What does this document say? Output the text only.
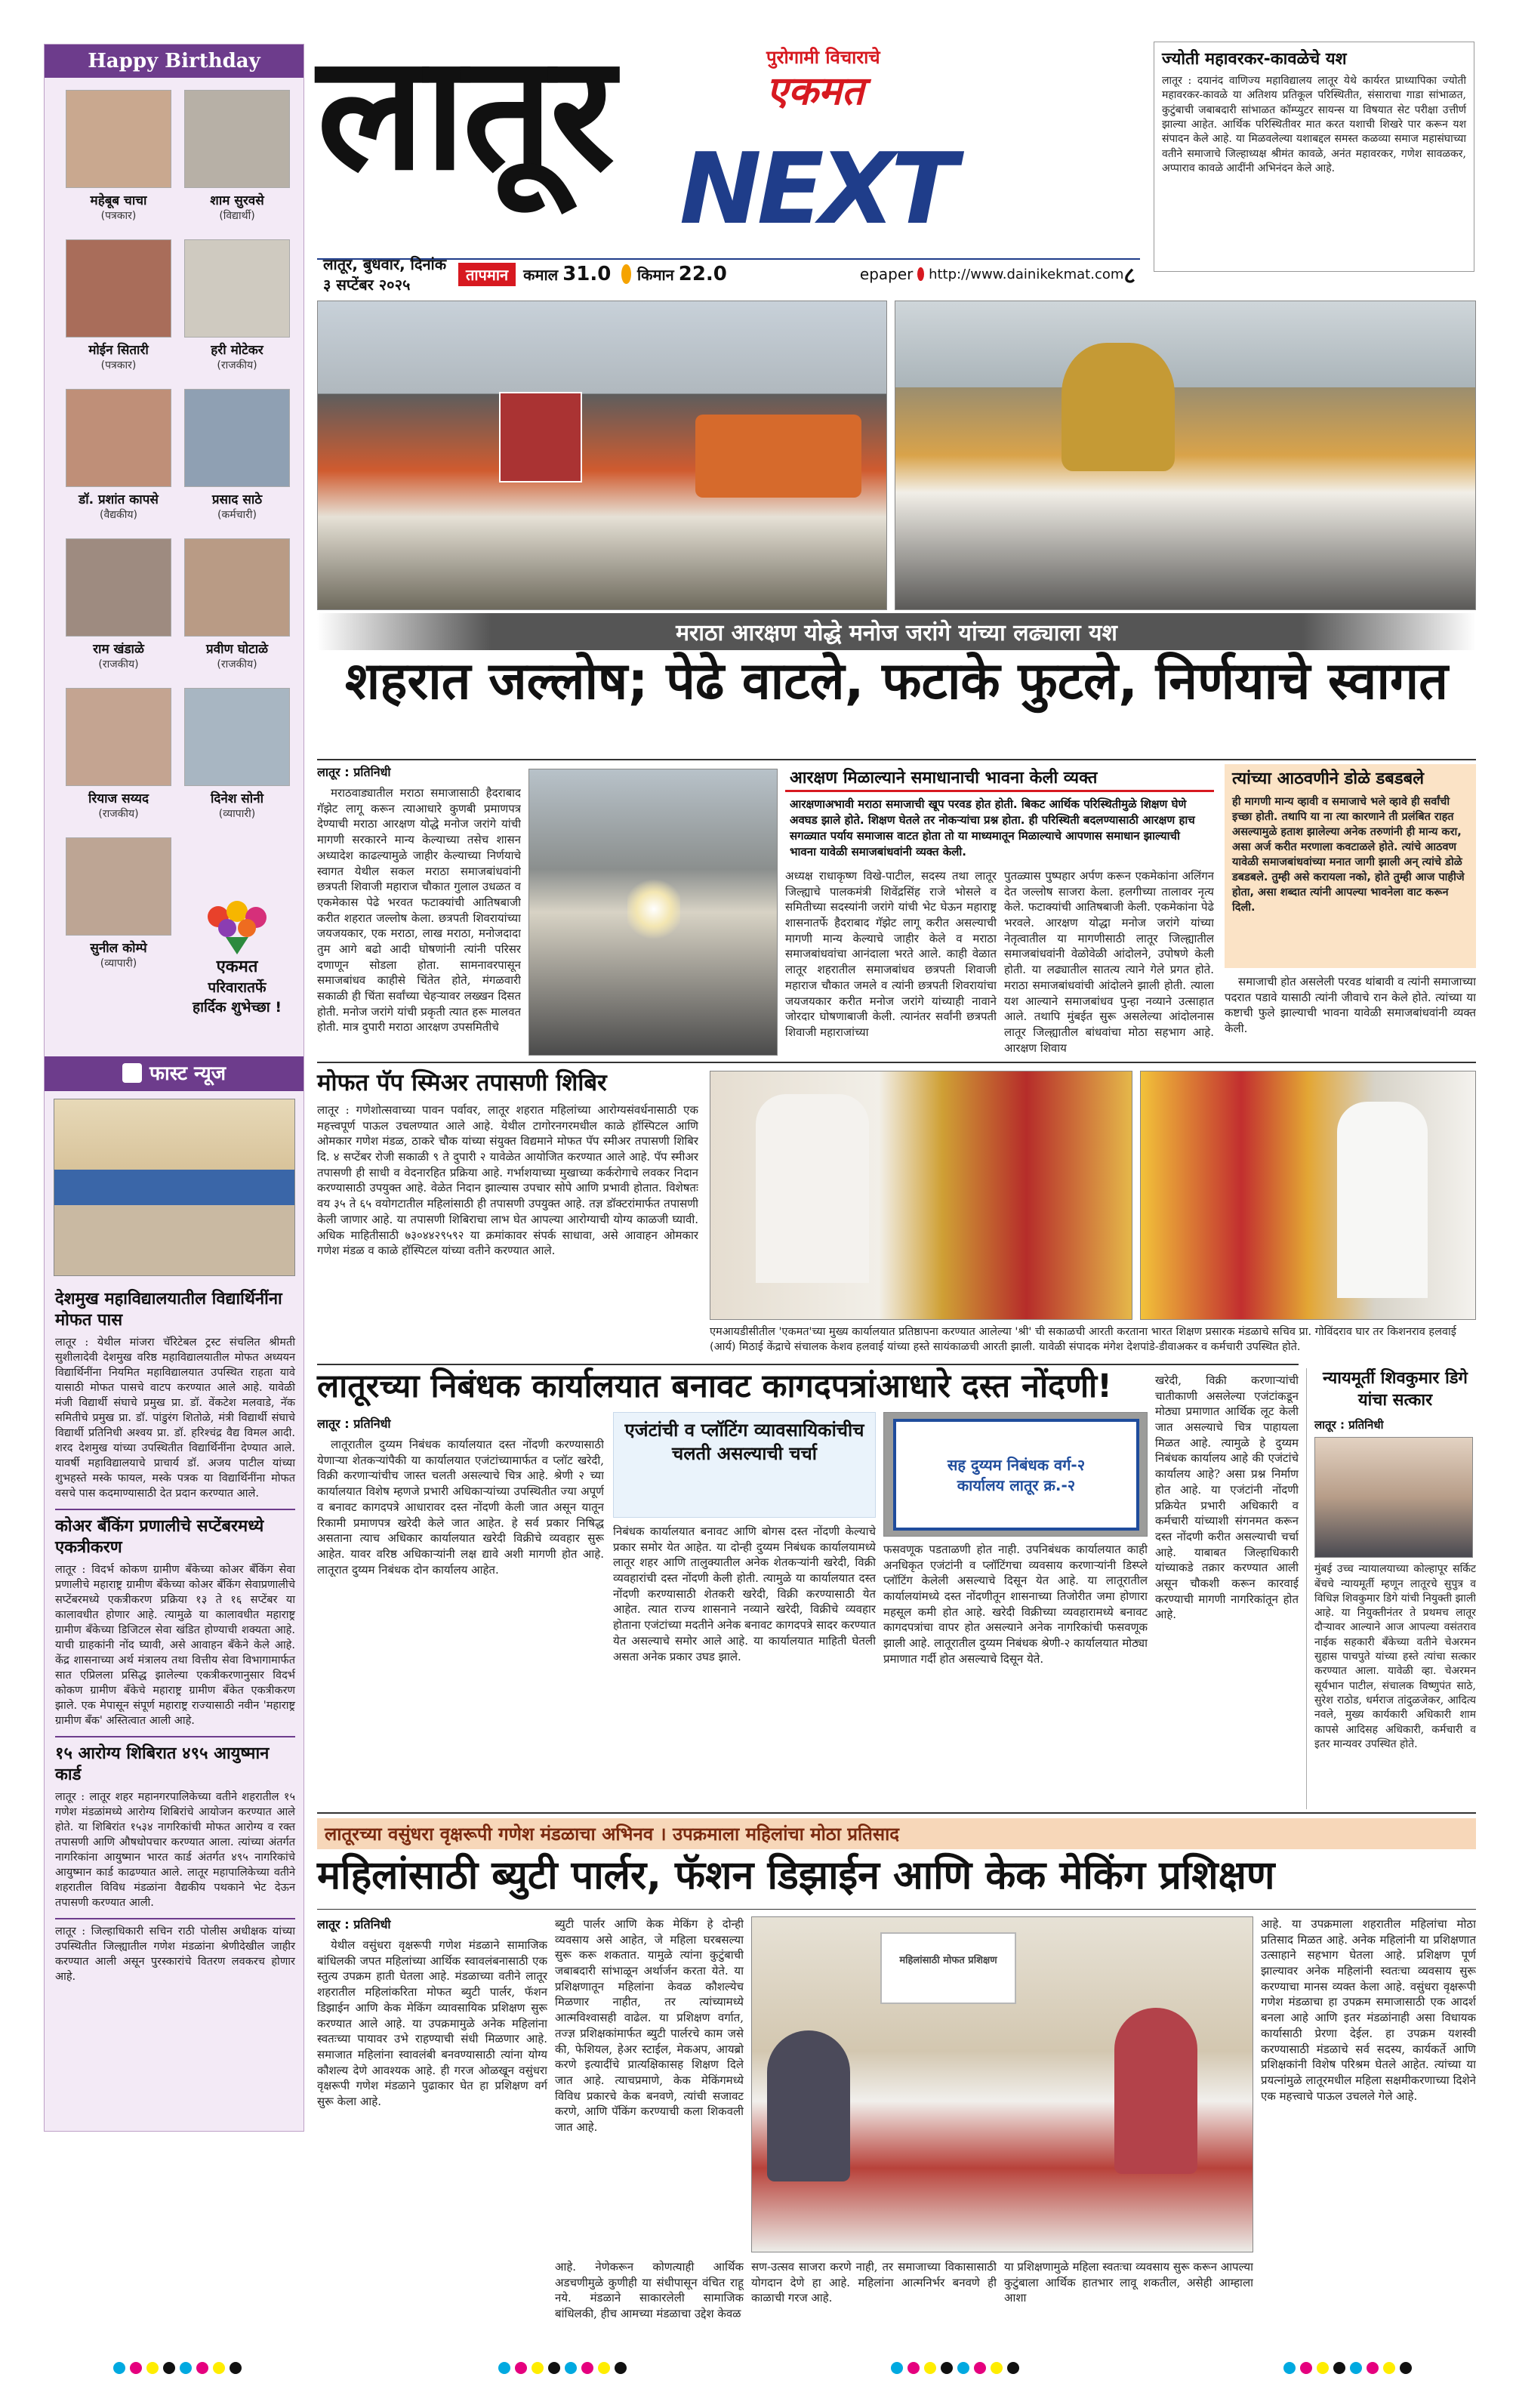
Happy Birthday
महेबूब चाचा
(पत्रकार)
शाम सुरवसे
(विद्यार्थी)
मोईन सितारी
(पत्रकार)
हरी मोटेकर
(राजकीय)
डॉ. प्रशांत कापसे
(वैद्यकीय)
प्रसाद साठे
(कर्मचारी)
राम खंडाळे
(राजकीय)
प्रवीण घोटाळे
(राजकीय)
रियाज सय्यद
(राजकीय)
दिनेश सोनी
(व्यापारी)
सुनील कोम्पे
(व्यापारी)	एकमत
परिवारातर्फे
हार्दिक शुभेच्छा !
फास्ट न्यूज
देशमुख महाविद्यालयातील विद्यार्थिनींना मोफत पास
लातूर : येथील मांजरा चॅरिटेबल ट्रस्ट संचलित श्रीमती सुशीलादेवी देशमुख वरिष्ठ महाविद्यालयातील मोफत अध्ययन विद्यार्थिनींना नियमित महाविद्यालयात उपस्थित राहता यावे यासाठी मोफत पासचे वाटप करण्यात आले आहे. यावेळी मंजी विद्यार्थी संघाचे प्रमुख प्रा. डॉ. वेंकटेश मलवाडे, नॅक समितीचे प्रमुख प्रा. डॉ. पांडुरंग शितोळे, मंत्री विद्यार्थी संघाचे विद्यार्थी प्रतिनिधी अश्वय प्रा. डॉ. हरिश्चंद्र वैद्य विमल आदी. शरद देशमुख यांच्या उपस्थितीत विद्यार्थिनींना देण्यात आले. यावर्षी महाविद्यालयाचे प्राचार्य डॉ. अजय पाटील यांच्या शुभहस्ते मस्के फायल, मस्के पत्रक या विद्यार्थिनींना मोफत वसचे पास कदमाण्यासाठी देत प्रदान करण्यात आले.
कोअर बँकिंग प्रणालीचे सप्टेंबरमध्ये एकत्रीकरण
लातूर : विदर्भ कोकण ग्रामीण बँकेच्या कोअर बँकिंग सेवा प्रणालीचे महाराष्ट्र ग्रामीण बँकेच्या कोअर बँकिंग सेवाप्रणालीचे सप्टेंबरमध्ये एकत्रीकरण प्रक्रिया १३ ते १६ सप्टेंबर या कालावधीत होणार आहे. त्यामुळे या कालावधीत महाराष्ट्र ग्रामीण बँकेच्या डिजिटल सेवा खंडित होण्याची शक्यता आहे. याची ग्राहकांनी नोंद घ्यावी, असे आवाहन बँकेने केले आहे. केंद्र शासनाच्या अर्थ मंत्रालय तथा वित्तीय सेवा विभागामार्फत सात एप्रिलला प्रसिद्ध झालेल्या एकत्रीकरणानुसार विदर्भ कोकण ग्रामीण बँकेचे महाराष्ट्र ग्रामीण बँकेत एकत्रीकरण झाले. एक मेपासून संपूर्ण महाराष्ट्र राज्यासाठी नवीन 'महाराष्ट्र ग्रामीण बँक' अस्तित्वात आली आहे.
१५ आरोग्य शिबिरात ४९५ आयुष्मान कार्ड
लातूर : लातूर शहर महानगरपालिकेच्या वतीने शहरातील १५ गणेश मंडळांमध्ये आरोग्य शिबिरांचे आयोजन करण्यात आले होते. या शिबिरांत १५३४ नागरिकांची मोफत आरोग्य व रक्त तपासणी आणि औषधोपचार करण्यात आला. त्यांच्या अंतर्गत नागरिकांना आयुष्मान भारत कार्ड अंतर्गत ४९५ नागरिकांचे आयुष्मान कार्ड काढण्यात आले. लातूर महापालिकेच्या वतीने शहरातील विविध मंडळांना वैद्यकीय पथकाने भेट देऊन तपासणी करण्यात आली.
लातूर : जिल्हाधिकारी सचिन राठी पोलीस अधीक्षक यांच्या उपस्थितीत जिल्ह्यातील गणेश मंडळांना श्रेणीदेखील जाहीर करण्यात आली असून पुरस्कारांचे वितरण लवकरच होणार आहे.
लातूर	पुरोगामी विचाराचे
एकमत
NEXT
लातूर, बुधवार, दिनांक ३ सप्टेंबर २०२५
तापमान	कमाल 31.0 किमान 22.0	epaper http://www.dainikekmat.com ८
ज्योती महावरकर-कावळेचे यश
लातूर : दयानंद वाणिज्य महाविद्यालय लातूर येथे कार्यरत प्राध्यापिका ज्योती महावरकर-कावळे या अतिशय प्रतिकूल परिस्थितीत, संसाराचा गाडा सांभाळत, कुटुंबाची जबाबदारी सांभाळत कॉम्प्युटर सायन्स या विषयात सेट परीक्षा उत्तीर्ण झाल्या आहेत. आर्थिक परिस्थितीवर मात करत यशाची शिखरे पार करून यश संपादन केले आहे. या मिळवलेल्या यशाबद्दल समस्त कळव्या समाज महासंघाच्या वतीने समाजाचे जिल्हाध्यक्ष श्रीमंत कावळे, अनंत महावरकर, गणेश सावळकर, अप्पाराव कावळे आदींनी अभिनंदन केले आहे.
मराठा आरक्षण योद्धे मनोज जरांगे यांच्या लढ्याला यश
शहरात जल्लोष; पेढे वाटले, फटाके फुटले, निर्णयाचे स्वागत

लातूर : प्रतिनिधी

मराठवाड्यातील मराठा समाजासाठी हैदराबाद गॅझेट लागू करून त्याआधारे कुणबी प्रमाणपत्र देण्याची मराठा आरक्षण योद्धे मनोज जरांगे यांची मागणी सरकारने मान्य केल्याच्या तसेच शासन अध्यादेश काढल्यामुळे जाहीर केल्याच्या निर्णयाचे स्वागत येथील सकल मराठा समाजबांधवांनी छत्रपती शिवाजी महाराज चौकात गुलाल उधळत व एकमेकास पेढे भरवत फटाक्यांची आतिषबाजी करीत शहरात जल्लोष केला. छत्रपती शिवरायांच्या जयजयकार, एक मराठा, लाख मराठा, मनोजदादा तुम आगे बढो आदी घोषणांनी त्यांनी परिसर दणाणून सोडला होता. सामनावरपासून समाजबांधव काहीसे चिंतेत होते, मंगळवारी सकाळी ही चिंता सर्वांच्या चेहऱ्यावर लख्खन दिसत होती. मनोज जरांगे यांची प्रकृती त्यात हरू मालवत होती. मात्र दुपारी मराठा आरक्षण उपसमितीचे

आरक्षण मिळाल्याने समाधानाची भावना केली व्यक्त
आरक्षणाअभावी मराठा समाजाची खूप परवड होत होती. बिकट आर्थिक परिस्थितीमुळे शिक्षण घेणे अवघड झाले होते. शिक्षण घेतले तर नोकऱ्यांचा प्रश्न होता. ही परिस्थिती बदलण्यासाठी आरक्षण हाच सगळ्यात पर्याय समाजास वाटत होता तो या माध्यमातून मिळाल्याचे आपणास समाधान झाल्याची भावना यावेळी समाजबांधवांनी व्यक्त केली.

अध्यक्ष राधाकृष्ण विखे-पाटील, सदस्य तथा लातूर जिल्ह्याचे पालकमंत्री शिवेंद्रसिंह राजे भोसले व समितीच्या सदस्यांनी जरांगे यांची भेट घेऊन महाराष्ट्र शासनातर्फे हैदराबाद गॅझेट लागू करीत असल्याची मागणी मान्य केल्याचे जाहीर केले व मराठा समाजबांधवांचा आनंदाला भरते आले. काही वेळात लातूर शहरातील समाजबांधव छत्रपती शिवाजी महाराज चौकात जमले व त्यांनी छत्रपती शिवरायांचा जयजयकार करीत मनोज जरांगे यांच्याही नावाने जोरदार घोषणाबाजी केली. त्यानंतर सर्वांनी छत्रपती शिवाजी महाराजांच्या

पुतळ्यास पुष्पहार अर्पण करून एकमेकांना अलिंगन देत जल्लोष साजरा केला. हलगीच्या तालावर नृत्य केले. फटाक्यांची आतिषबाजी केली. एकमेकांना पेढे भरवले. आरक्षण योद्धा मनोज जरांगे यांच्या नेतृत्वातील या मागणीसाठी लातूर जिल्ह्यातील समाजबांधवांनी वेळोवेळी आंदोलने, उपोषणे केली होती. या लढ्यातील सातत्य त्याने गेले प्रगत होते. मराठा समाजबांधवांची आंदोलने झाली होती. त्याला यश आल्याने समाजबांधव पुन्हा नव्याने उत्साहात आले. तथापि मुंबईत सुरू असलेल्या आंदोलनास लातूर जिल्ह्यातील बांधवांचा मोठा सहभाग आहे. आरक्षण शिवाय

त्यांच्या आठवणीने डोळे डबडबले
ही मागणी मान्य व्हावी व समाजाचे भले व्हावे ही सर्वांची इच्छा होती. तथापि या ना त्या कारणाने ती प्रलंबित राहत असल्यामुळे हताश झालेल्या अनेक तरुणांनी ही मान्य करा, असा अर्ज करीत मरणाला कवटाळले होते. त्यांचे आठवण यावेळी समाजबांधवांच्या मनात जागी झाली अन् त्यांचे डोळे डबडबले. तुम्ही असे करायला नको, होते तुम्ही आज पाहीजे होता, असा शब्दात त्यांनी आपल्या भावनेला वाट करून दिली.

समाजाची होत असलेली परवड थांबावी व त्यांनी समाजाच्या पदरात पडावे यासाठी त्यांनी जीवाचे रान केले होते. त्यांच्या या कष्टाची फुले झाल्याची भावना यावेळी समाजबांधवांनी व्यक्त केली.

मोफत पॅप स्मिअर तपासणी शिबिर

लातूर : गणेशोत्सवाच्या पावन पर्वावर, लातूर शहरात महिलांच्या आरोग्यसंवर्धनासाठी एक महत्त्वपूर्ण पाऊल उचलण्यात आले आहे. येथील टागोरनगरमधील काळे हॉस्पिटल आणि ओमकार गणेश मंडळ, ठाकरे चौक यांच्या संयुक्त विद्यमाने मोफत पॅप स्मीअर तपासणी शिबिर दि. ४ सप्टेंबर रोजी सकाळी ९ ते दुपारी २ यावेळेत आयोजित करण्यात आले आहे. पॅप स्मीअर तपासणी ही साधी व वेदनारहित प्रक्रिया आहे. गर्भाशयाच्या मुखाच्या कर्करोगाचे लवकर निदान करण्यासाठी उपयुक्त आहे. वेळेत निदान झाल्यास उपचार सोपे आणि प्रभावी होतात. विशेषतः वय ३५ ते ६५ वयोगटातील महिलांसाठी ही तपासणी उपयुक्त आहे. तज्ञ डॉक्टरांमार्फत तपासणी केली जाणार आहे. या तपासणी शिबिराचा लाभ घेत आपल्या आरोग्याची योग्य काळजी घ्यावी. अधिक माहितीसाठी ७३०४४२९५९२ या क्रमांकावर संपर्क साधावा, असे आवाहन ओमकार गणेश मंडळ व काळे हॉस्पिटल यांच्या वतीने करण्यात आले.

एमआयडीसीतील 'एकमत'च्या मुख्य कार्यालयात प्रतिष्ठापना करण्यात आलेल्या 'श्री' ची सकाळची आरती करताना भारत शिक्षण प्रसारक मंडळाचे सचिव प्रा. गोविंदराव घार तर किशनराव हलवाई (आर्य) मिठाई केंद्राचे संचालक केशव हलवाई यांच्या हस्ते सायंकाळची आरती झाली. यावेळी संपादक मंगेश देशपांडे-डीवाअकर व कर्मचारी उपस्थित होते.
लातूरच्या निबंधक कार्यालयात बनावट कागदपत्रांआधारे दस्त नोंदणी!

लातूर : प्रतिनिधी

लातूरातील दुय्यम निबंधक कार्यालयात दस्त नोंदणी करण्यासाठी येणाऱ्या शेतकऱ्यांपैकी या कार्यालयात एजंटांच्यामार्फत व प्लॉट खरेदी, विक्री करणाऱ्यांचीच जास्त चलती असल्याचे चित्र आहे. श्रेणी २ च्या कार्यालयात विशेष म्हणजे प्रभारी अधिकाऱ्यांच्या उपस्थितीत ज्या अपूर्ण व बनावट कागदपत्रे आधारावर दस्त नोंदणी केली जात असून यातून रिकामी प्रमाणपत्र खरेदी केले जात आहेत. हे सर्व प्रकार निषिद्ध असताना त्याच अधिकार कार्यालयात खरेदी विक्रीचे व्यवहार सुरू आहेत. यावर वरिष्ठ अधिकाऱ्यांनी लक्ष द्यावे अशी मागणी होत आहे. लातूरात दुय्यम निबंधक दोन कार्यालय आहेत.

एजंटांची व प्लॉटिंग व्यावसायिकांचीच चलती असल्याची चर्चा

निबंधक कार्यालयात बनावट आणि बोगस दस्त नोंदणी केल्याचे प्रकार समोर येत आहेत. या दोन्ही दुय्यम निबंधक कार्यालयामध्ये लातूर शहर आणि तालुक्यातील अनेक शेतकऱ्यांनी खरेदी, विक्री व्यवहारांची दस्त नोंदणी केली होती. त्यामुळे या कार्यालयात दस्त नोंदणी करण्यासाठी शेतकरी खरेदी, विक्री करण्यासाठी येत आहेत. त्यात राज्य शासनाने नव्याने खरेदी, विक्रीचे व्यवहार होताना एजंटांच्या मदतीने अनेक बनावट कागदपत्रे सादर करण्यात येत असल्याचे समोर आले आहे. या कार्यालयात माहिती घेतली असता अनेक प्रकार उघड झाले.

सह दुय्यम निबंधक वर्ग-२
कार्यालय लातूर क्र.-२

फसवणूक पडताळणी होत नाही. उपनिबंधक कार्यालयात काही अनधिकृत एजंटांनी व प्लॉटिंगचा व्यवसाय करणाऱ्यांनी डिस्प्ले प्लॉटिंग केलेली असल्याचे दिसून येत आहे. या लातूरातील कार्यालयांमध्ये दस्त नोंदणीतून शासनाच्या तिजोरीत जमा होणारा महसूल कमी होत आहे. खरेदी विक्रीच्या व्यवहारामध्ये बनावट कागदपत्रांचा वापर होत असल्याने अनेक नागरिकांची फसवणूक झाली आहे. लातूरातील दुय्यम निबंधक श्रेणी-२ कार्यालयात मोठ्या प्रमाणात गर्दी होत असल्याचे दिसून येते.

खरेदी, विक्री करणाऱ्यांची चातीकाणी असलेल्या एजंटांकडून मोठ्या प्रमाणात आर्थिक लूट केली जात असल्याचे चित्र पाहायला मिळत आहे. त्यामुळे हे दुय्यम निबंधक कार्यालय आहे की एजंटांचे कार्यालय आहे? असा प्रश्न निर्माण होत आहे. या एजंटांनी नोंदणी प्रक्रियेत प्रभारी अधिकारी व कर्मचारी यांच्याशी संगनमत करून दस्त नोंदणी करीत असल्याची चर्चा आहे. याबाबत जिल्हाधिकारी यांच्याकडे तक्रार करण्यात आली असून चौकशी करून कारवाई करण्याची मागणी नागरिकांतून होत आहे.

न्यायमूर्ती शिवकुमार डिगे यांचा सत्कार
लातूर : प्रतिनिधी
मुंबई उच्च न्यायालयाच्या कोल्हापूर सर्किट बेंचचे न्यायमूर्ती म्हणून लातूरचे सुपुत्र व विधिज्ञ शिवकुमार डिगे यांची नियुक्ती झाली आहे. या नियुक्तीनंतर ते प्रथमच लातूर दौऱ्यावर आल्याने आज आपल्या वसंतराव नाईक सहकारी बँकेच्या वतीने चेअरमन सुहास पाचपुते यांच्या हस्ते त्यांचा सत्कार करण्यात आला. यावेळी व्हा. चेअरमन सूर्यभान पाटील, संचालक विष्णुपंत साठे, सुरेश राठोड, धर्मराज तांदुळजेकर, आदित्य नवले, मुख्य कार्यकारी अधिकारी शाम कापसे आदिसह अधिकारी, कर्मचारी व इतर मान्यवर उपस्थित होते.
लातूरच्या वसुंधरा वृक्षरूपी गणेश मंडळाचा अभिनव । उपक्रमाला महिलांचा मोठा प्रतिसाद
महिलांसाठी ब्युटी पार्लर, फॅशन डिझाईन आणि केक मेकिंग प्रशिक्षण

लातूर : प्रतिनिधी

येथील वसुंधरा वृक्षरूपी गणेश मंडळाने सामाजिक बांधिलकी जपत महिलांच्या आर्थिक स्वावलंबनासाठी एक स्तुत्य उपक्रम हाती घेतला आहे. मंडळाच्या वतीने लातूर शहरातील महिलांकरिता मोफत ब्युटी पार्लर, फॅशन डिझाईन आणि केक मेकिंग व्यावसायिक प्रशिक्षण सुरू करण्यात आले आहे. या उपक्रमामुळे अनेक महिलांना स्वतःच्या पायावर उभे राहण्याची संधी मिळणार आहे. समाजात महिलांना स्वावलंबी बनवण्यासाठी त्यांना योग्य कौशल्य देणे आवश्यक आहे. ही गरज ओळखून वसुंधरा वृक्षरूपी गणेश मंडळाने पुढाकार घेत हा प्रशिक्षण वर्ग सुरू केला आहे.

ब्युटी पार्लर आणि केक मेकिंग हे दोन्ही व्यवसाय असे आहेत, जे महिला घरबसल्या सुरू करू शकतात. यामुळे त्यांना कुटुंबाची जबाबदारी सांभाळून अर्थार्जन करता येते. या प्रशिक्षणातून महिलांना केवळ कौशल्येच मिळणार नाहीत, तर त्यांच्यामध्ये आत्मविश्वासही वाढेल. या प्रशिक्षण वर्गात, तज्ज्ञ प्रशिक्षकांमार्फत ब्युटी पार्लरचे काम जसे की, फेशियल, हेअर स्टाईल, मेकअप, आयब्रो करणे इत्यादींचे प्रात्यक्षिकासह शिक्षण दिले जात आहे. त्याचप्रमाणे, केक मेकिंगमध्ये विविध प्रकारचे केक बनवणे, त्यांची सजावट करणे, आणि पॅकिंग करण्याची कला शिकवली जात आहे.

महिलांसाठी मोफत प्रशिक्षण

आहे. या उपक्रमाला शहरातील महिलांचा मोठा प्रतिसाद मिळत आहे. अनेक महिलांनी या प्रशिक्षणात उत्साहाने सहभाग घेतला आहे. प्रशिक्षण पूर्ण झाल्यावर अनेक महिलांनी स्वतःचा व्यवसाय सुरू करण्याचा मानस व्यक्त केला आहे. वसुंधरा वृक्षरूपी गणेश मंडळाचा हा उपक्रम समाजासाठी एक आदर्श बनला आहे आणि इतर मंडळांनाही असा विधायक कार्यासाठी प्रेरणा देईल. हा उपक्रम यशस्वी करण्यासाठी मंडळाचे सर्व सदस्य, कार्यकर्ते आणि प्रशिक्षकांनी विशेष परिश्रम घेतले आहेत. त्यांच्या या प्रयत्नांमुळे लातूरमधील महिला सक्षमीकरणाच्या दिशेने एक महत्त्वाचे पाऊल उचलले गेले आहे.

आहे. नेणेकरून कोणत्याही आर्थिक अडचणीमुळे कुणीही या संधीपासून वंचित राहू नये. मंडळाने साकारलेली सामाजिक बांधिलकी, हीच आमच्या मंडळाचा उद्देश केवळ

सण-उत्सव साजरा करणे नाही, तर समाजाच्या विकासासाठी योगदान देणे हा आहे. महिलांना आत्मनिर्भर बनवणे ही काळाची गरज आहे.

या प्रशिक्षणामुळे महिला स्वतःचा व्यवसाय सुरू करून आपल्या कुटुंबाला आर्थिक हातभार लावू शकतील, असेही आम्हाला आशा
